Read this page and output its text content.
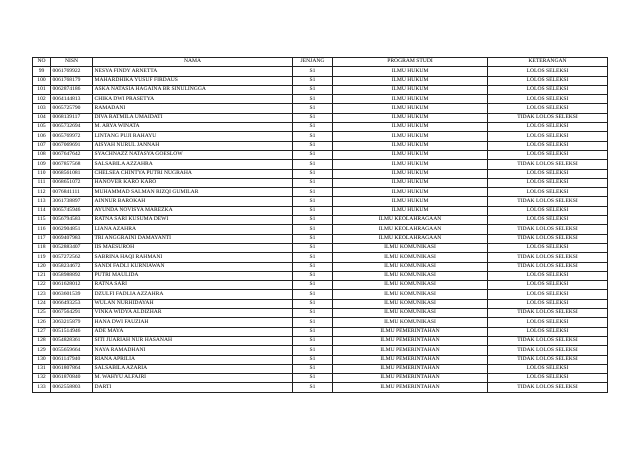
NO	NISN	NAMA	JENJANG	PROGRAM STUDI	KETERANGAN
99	0061769922	NESYA FINDY ARNETTA	S1	ILMU HUKUM	LOLOS SELEKSI
100	0061768179	MAHARDHIKA YUSUF FIRDAUS	S1	ILMU HUKUM	LOLOS SELEKSI
101	0062874186	ASKA NATASIA HAGAINA BR SINULINGGA	S1	ILMU HUKUM	LOLOS SELEKSI
102	0064144813	CHIKA DWI PRASETYA	S1	ILMU HUKUM	LOLOS SELEKSI
103	0065725790	RAMADANI	S1	ILMU HUKUM	LOLOS SELEKSI
104	0068139117	DIVA RATMILA UMAIDATI	S1	ILMU HUKUM	TIDAK LOLOS SELEKSI
105	0065732694	M. ARYA WINATA	S1	ILMU HUKUM	LOLOS SELEKSI
106	0065769972	LINTANG PUJI RAHAYU	S1	ILMU HUKUM	LOLOS SELEKSI
107	0067069691	AISYAH NURUL JANNAH	S1	ILMU HUKUM	LOLOS SELEKSI
108	0067647642	SYACHNAZZ NATASYA GOESLOW	S1	ILMU HUKUM	LOLOS SELEKSI
109	0067857568	SALSABILA AZZAHRA	S1	ILMU HUKUM	TIDAK LOLOS SELEKSI
110	0068561081	CHELSEA CHINTYA PUTRI NUGRAHA	S1	ILMU HUKUM	LOLOS SELEKSI
111	0068651072	HANOVER KARO KARO	S1	ILMU HUKUM	LOLOS SELEKSI
112	0076841111	MUHAMMAD SALMAN RIZQI GUMILAR	S1	ILMU HUKUM	LOLOS SELEKSI
113	3061738897	AINNUR BAROKAH	S1	ILMU HUKUM	TIDAK LOLOS SELEKSI
114	0065745946	AYUNDA NOVISYA MAREZKA	S1	ILMU HUKUM	LOLOS SELEKSI
115	0056794583	RATNA SARI KUSUMA DEWI	S1	ILMU KEOLAHRAGAAN	LOLOS SELEKSI
116	0062904851	LIANA AZAHRA	S1	ILMU KEOLAHRAGAAN	TIDAK LOLOS SELEKSI
117	0069407983	TRI ANGGRAINI DAMAYANTI	S1	ILMU KEOLAHRAGAAN	TIDAK LOLOS SELEKSI
118	0052883407	IIS MAESUROH	S1	ILMU KOMUNIKASI	LOLOS SELEKSI
119	0057272562	SABRINA HAQI RAHMANI	S1	ILMU KOMUNIKASI	TIDAK LOLOS SELEKSI
120	0058234672	SANDI FADLI KURNIAWAN	S1	ILMU KOMUNIKASI	TIDAK LOLOS SELEKSI
121	0058988892	PUTRI MAULIDA	S1	ILMU KOMUNIKASI	LOLOS SELEKSI
122	0061628012	RATNA SARI	S1	ILMU KOMUNIKASI	LOLOS SELEKSI
123	0063601539	DZULFI FADLIA AZZAHRA	S1	ILMU KOMUNIKASI	LOLOS SELEKSI
124	0066493253	WULAN NURHIDAYAH	S1	ILMU KOMUNIKASI	LOLOS SELEKSI
125	0067564291	VINKA WIDYA ALDIZHAR	S1	ILMU KOMUNIKASI	TIDAK LOLOS SELEKSI
126	3063215879	HANA DWI FAUZIAH	S1	ILMU KOMUNIKASI	LOLOS SELEKSI
127	0051514946	ADE MAYA	S1	ILMU PEMERINTAHAN	LOLOS SELEKSI
128	0054828361	SITI JUARIAH NUR HASANAH	S1	ILMU PEMERINTAHAN	TIDAK LOLOS SELEKSI
129	0055659664	NAYA RAMADHANI	S1	ILMU PEMERINTAHAN	TIDAK LOLOS SELEKSI
130	0061147940	RIANA APRILIA	S1	ILMU PEMERINTAHAN	TIDAK LOLOS SELEKSI
131	0061807864	SALSABILA AZARIA	S1	ILMU PEMERINTAHAN	LOLOS SELEKSI
132	0061870840	M. WAHYU ALFAJRI	S1	ILMU PEMERINTAHAN	LOLOS SELEKSI
133	0062558803	DARTI	S1	ILMU PEMERINTAHAN	TIDAK LOLOS SELEKSI
